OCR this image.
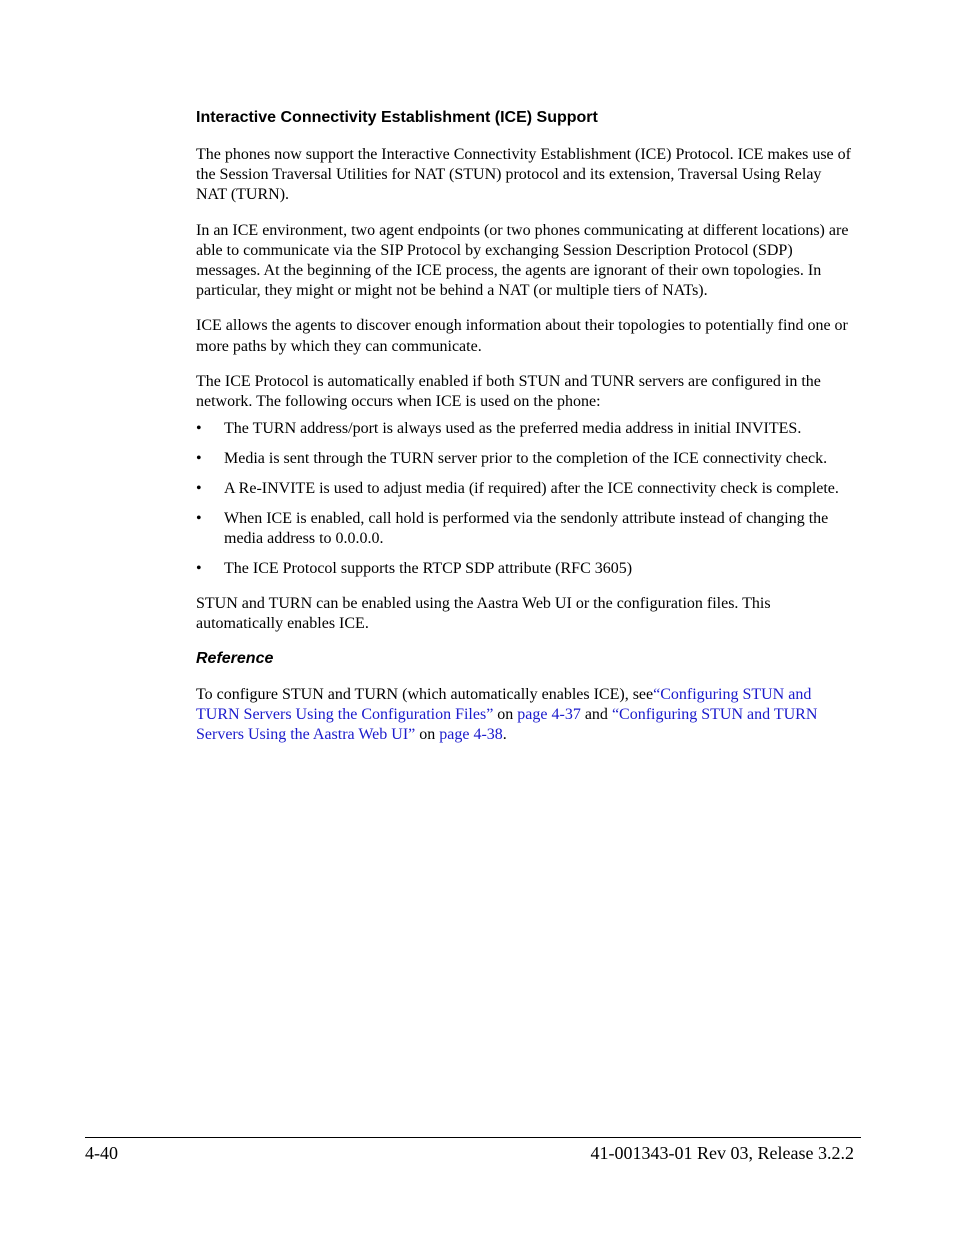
Interactive Connectivity Establishment (ICE) Support

The phones now support the Interactive Connectivity Establishment (ICE) Protocol. ICE makes use of the Session Traversal Utilities for NAT (STUN) protocol and its extension, Traversal Using Relay NAT (TURN).

In an ICE environment, two agent endpoints (or two phones communicating at different locations) are able to communicate via the SIP Protocol by exchanging Session Description Protocol (SDP) messages. At the beginning of the ICE process, the agents are ignorant of their own topologies. In particular, they might or might not be behind a NAT (or multiple tiers of NATs).

ICE allows the agents to discover enough information about their topologies to potentially find one or more paths by which they can communicate.

The ICE Protocol is automatically enabled if both STUN and TUNR servers are configured in the network. The following occurs when ICE is used on the phone:

• The TURN address/port is always used as the preferred media address in initial INVITES.
• Media is sent through the TURN server prior to the completion of the ICE connectivity check.
• A Re-INVITE is used to adjust media (if required) after the ICE connectivity check is complete.
• When ICE is enabled, call hold is performed via the sendonly attribute instead of changing the media address to 0.0.0.0.
• The ICE Protocol supports the RTCP SDP attribute (RFC 3605)

STUN and TURN can be enabled using the Aastra Web UI or the configuration files. This automatically enables ICE.

Reference

To configure STUN and TURN (which automatically enables ICE), see“Configuring STUN and TURN Servers Using the Configuration Files” on page 4-37 and “Configuring STUN and TURN Servers Using the Aastra Web UI” on page 4-38.

4-40	41-001343-01 Rev 03, Release 3.2.2
